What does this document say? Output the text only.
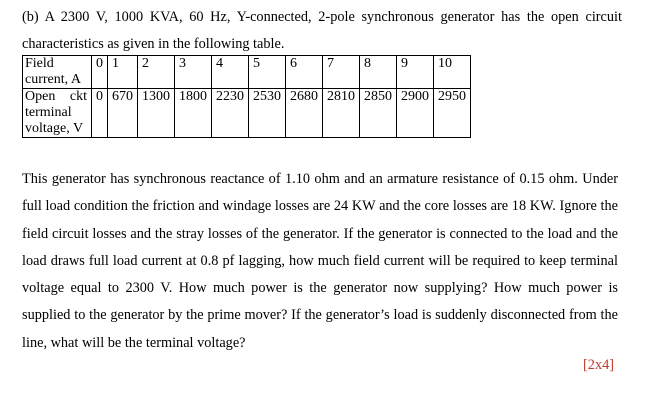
(b) A 2300 V, 1000 KVA, 60 Hz, Y-connected, 2-pole synchronous generator has the open circuit characteristics as given in the following table.

Field
current, A	0	1	2	3	4	5	6	7	8	9	10

Open ckt
terminal
voltage, V	0	670	1300	1800	2230	2530	2680	2810	2850	2900	2950

This generator has synchronous reactance of 1.10 ohm and an armature resistance of 0.15 ohm. Under full load condition the friction and windage losses are 24 KW and the core losses are 18 KW. Ignore the field circuit losses and the stray losses of the generator. If the generator is connected to the load and the load draws full load current at 0.8 pf lagging, how much field current will be required to keep terminal voltage equal to 2300 V. How much power is the generator now supplying? How much power is supplied to the generator by the prime mover? If the generator’s load is suddenly disconnected from the line, what will be the terminal voltage?

[2x4]
